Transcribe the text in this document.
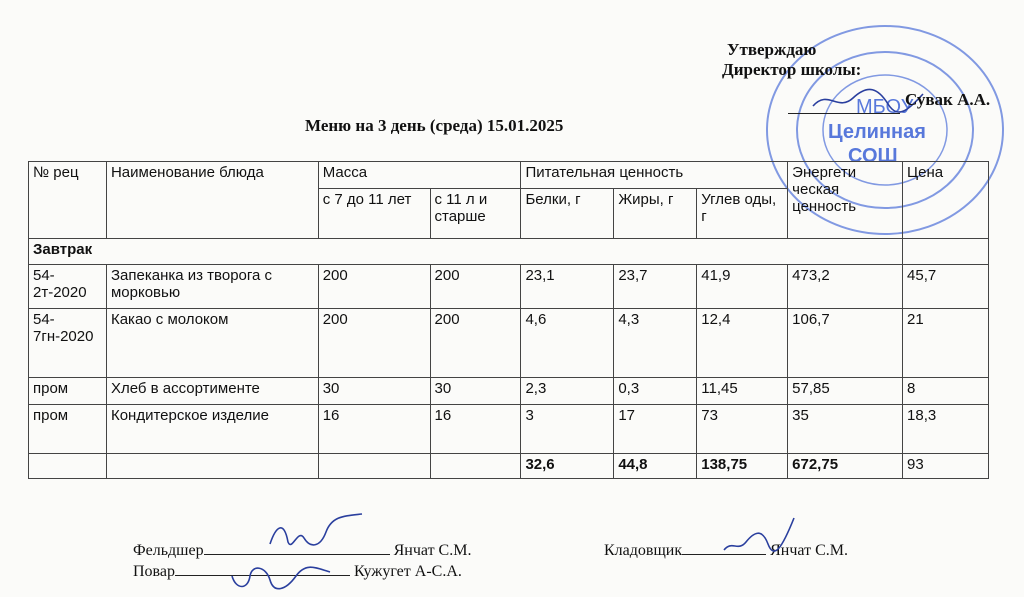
МБОУ
Целинная
СОШ
Утверждаю
Директор школы:
Сувак А.А.
Меню на 3 день (среда) 15.01.2025
№ рец	Наименование блюда	Масса		Питательная ценность			Энергети ческая ценность	Цена
		с 7 до 11 лет	с 11 л и старше	Белки, г	Жиры, г	Углев оды, г		
Завтрак								
54-2т-2020	Запеканка из творога с морковью	200	200	23,1	23,7	41,9	473,2	45,7
54-7гн-2020	Какао с молоком	200	200	4,6	4,3	12,4	106,7	21
пром	Хлеб в ассортименте	30	30	2,3	0,3	11,45	57,85	8
пром	Кондитерское изделие	16	16	3	17	73	35	18,3
				32,6	44,8	138,75	672,75	93
Фельдшер	Янчат С.М.
Повар	Кужугет А-С.А.
Кладовщик	Янчат С.М.
